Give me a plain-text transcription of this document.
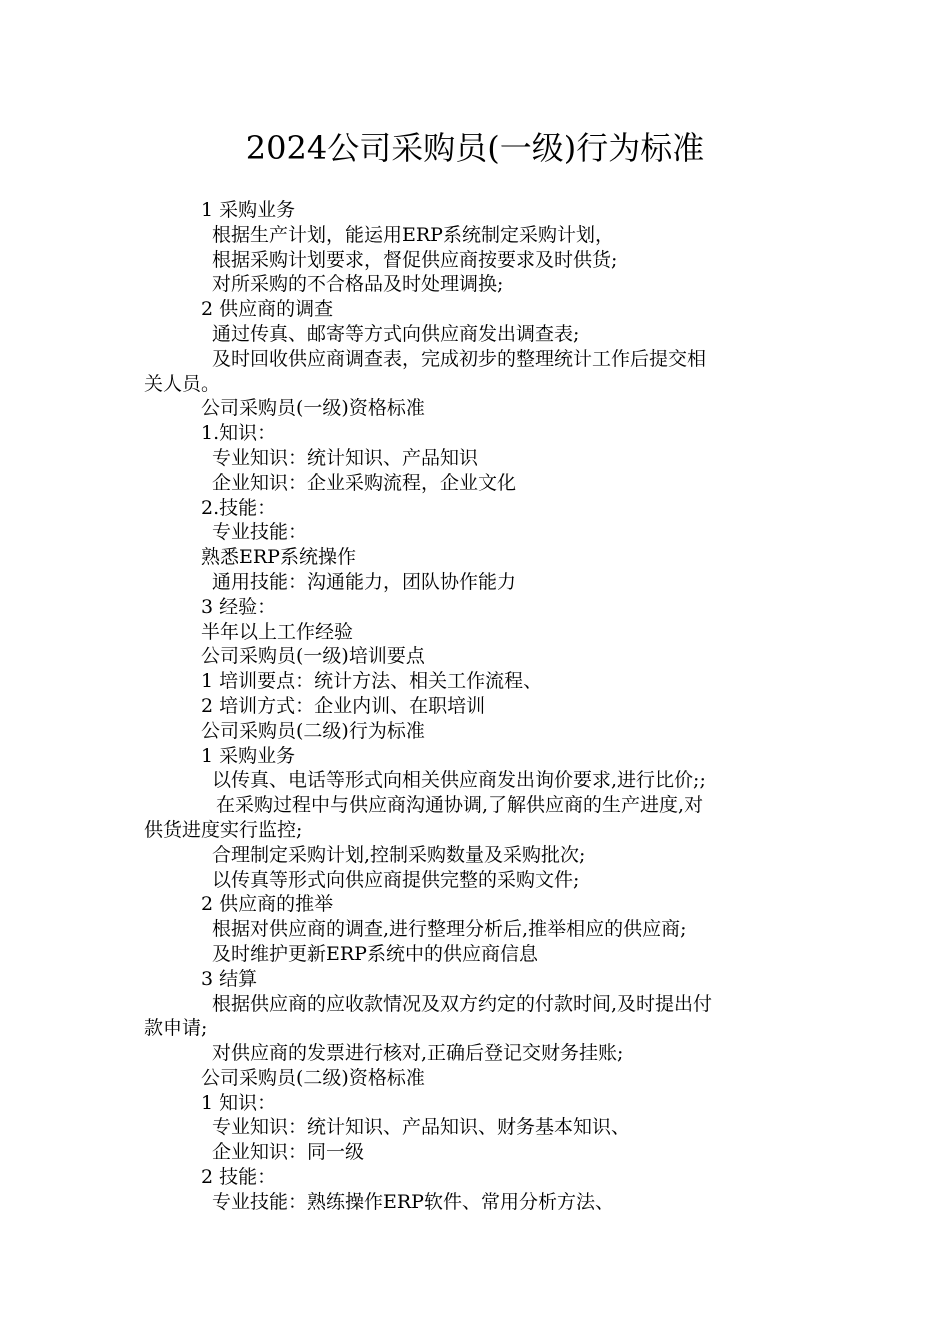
2024公司采购员(一级)行为标准
1 采购业务
根据生产计划，能运用ERP系统制定采购计划，
根据采购计划要求，督促供应商按要求及时供货;
对所采购的不合格品及时处理调换;
2 供应商的调查
通过传真、邮寄等方式向供应商发出调查表;
及时回收供应商调查表，完成初步的整理统计工作后提交相
关人员。
公司采购员(一级)资格标准
1.知识：
专业知识：统计知识、产品知识
企业知识：企业采购流程，企业文化
2.技能：
专业技能：
熟悉ERP系统操作
通用技能：沟通能力，团队协作能力
3 经验：
半年以上工作经验
公司采购员(一级)培训要点
1 培训要点：统计方法、相关工作流程、
2 培训方式：企业内训、在职培训
公司采购员(二级)行为标准
1 采购业务
以传真、电话等形式向相关供应商发出询价要求,进行比价;;
在采购过程中与供应商沟通协调,了解供应商的生产进度,对
供货进度实行监控;
合理制定采购计划,控制采购数量及采购批次;
以传真等形式向供应商提供完整的采购文件;
2 供应商的推举
根据对供应商的调查,进行整理分析后,推举相应的供应商;
及时维护更新ERP系统中的供应商信息
3 结算
根据供应商的应收款情况及双方约定的付款时间,及时提出付
款申请;
对供应商的发票进行核对,正确后登记交财务挂账;
公司采购员(二级)资格标准
1 知识：
专业知识：统计知识、产品知识、财务基本知识、
企业知识：同一级
2 技能：
专业技能：熟练操作ERP软件、常用分析方法、
